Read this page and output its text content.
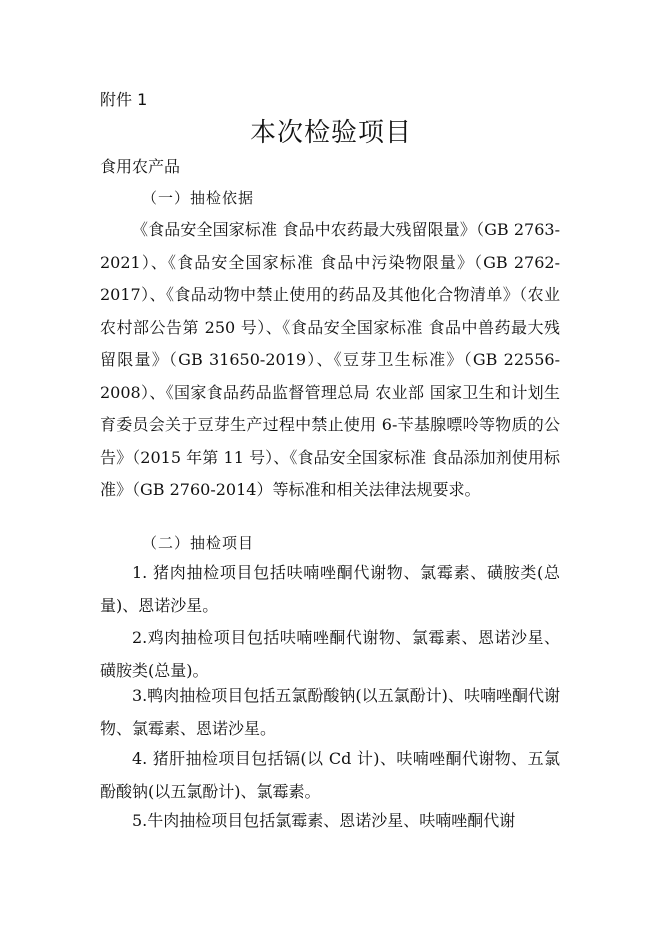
附件 1
本次检验项目
食用农产品
（一）抽检依据
《食品安全国家标准 食品中农药最大残留限量》（GB 2763-2021）、《食品安全国家标准 食品中污染物限量》（GB 2762-2017）、《食品动物中禁止使用的药品及其他化合物清单》（农业农村部公告第 250 号）、《食品安全国家标准 食品中兽药最大残留限量》（GB 31650-2019）、《豆芽卫生标准》（GB 22556-2008）、《国家食品药品监督管理总局 农业部 国家卫生和计划生育委员会关于豆芽生产过程中禁止使用 6-苄基腺嘌呤等物质的公告》（2015 年第 11 号）、《食品安全国家标准 食品添加剂使用标准》（GB 2760-2014）等标准和相关法律法规要求。
（二）抽检项目
1. 猪肉抽检项目包括呋喃唑酮代谢物、氯霉素、磺胺类(总量)、恩诺沙星。
2.鸡肉抽检项目包括呋喃唑酮代谢物、氯霉素、恩诺沙星、磺胺类(总量)。
3.鸭肉抽检项目包括五氯酚酸钠(以五氯酚计)、呋喃唑酮代谢物、氯霉素、恩诺沙星。
4. 猪肝抽检项目包括镉(以 Cd 计)、呋喃唑酮代谢物、五氯酚酸钠(以五氯酚计)、氯霉素。
5.牛肉抽检项目包括氯霉素、恩诺沙星、呋喃唑酮代谢
